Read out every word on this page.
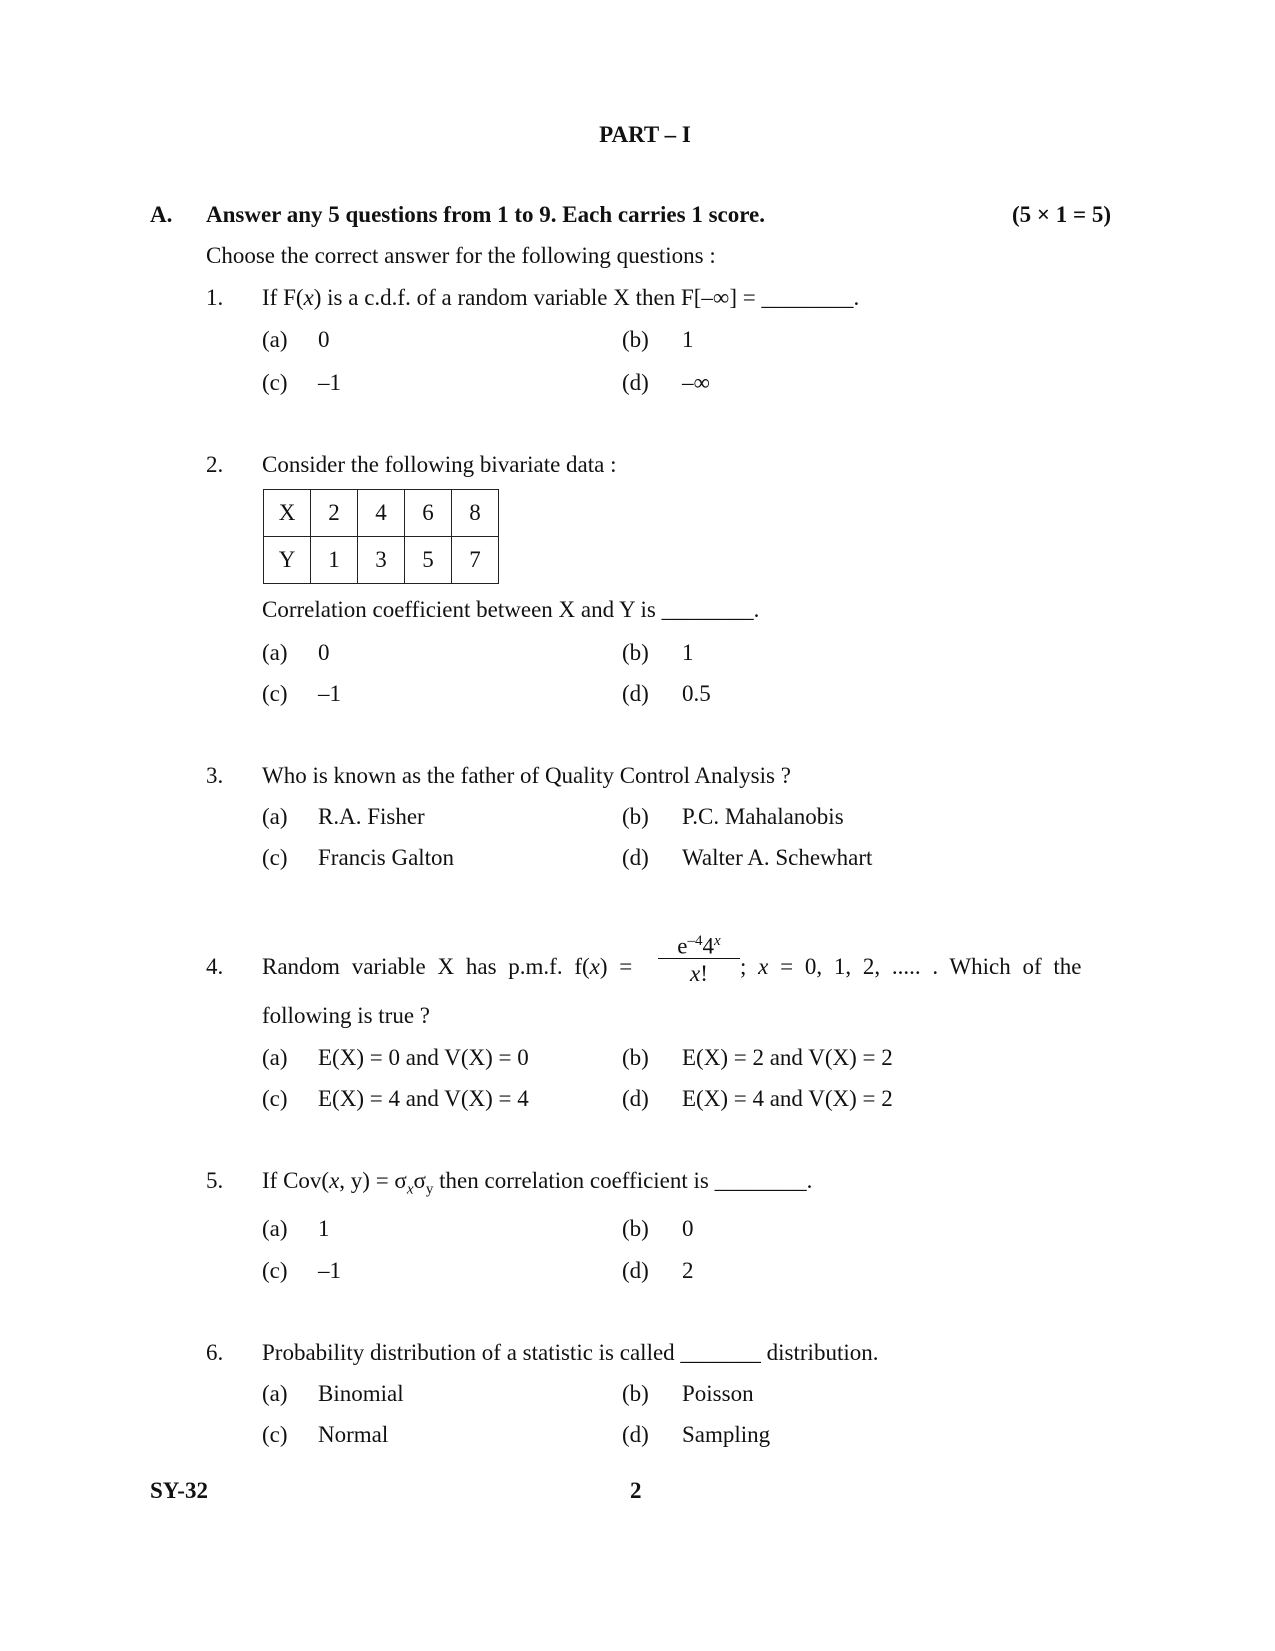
PART – I
A. Answer any 5 questions from 1 to 9. Each carries 1 score.	(5 × 1 = 5)
Choose the correct answer for the following questions :
1. If F(x) is a c.d.f. of a random variable X then F[–∞] = ________.
(a) 0	(b) 1
(c) –1	(d) –∞
2. Consider the following bivariate data :
X	2	4	6	8
Y	1	3	5	7
Correlation coefficient between X and Y is ________.
(a) 0	(b) 1
(c) –1	(d) 0.5
3. Who is known as the father of Quality Control Analysis ?
(a) R.A. Fisher	(b) P.C. Mahalanobis
(c) Francis Galton	(d) Walter A. Schewhart
4. Random variable X has p.m.f. $f(x) = \frac{e^{-4}4^x}{x!}$ ; x = 0, 1, 2, ..... . Which of the
following is true ?
(a) E(X) = 0 and V(X) = 0	(b) E(X) = 2 and V(X) = 2
(c) E(X) = 4 and V(X) = 4	(d) E(X) = 4 and V(X) = 2
5. If Cov(x, $y) = \sigma_x\sigma_y$ then correlation coefficient is ________.
(a) 1	(b) 0
(c) –1	(d) 2
6. Probability distribution of a statistic is called _______ distribution.
(a) Binomial	(b) Poisson
(c) Normal	(d) Sampling
SY-32	2
